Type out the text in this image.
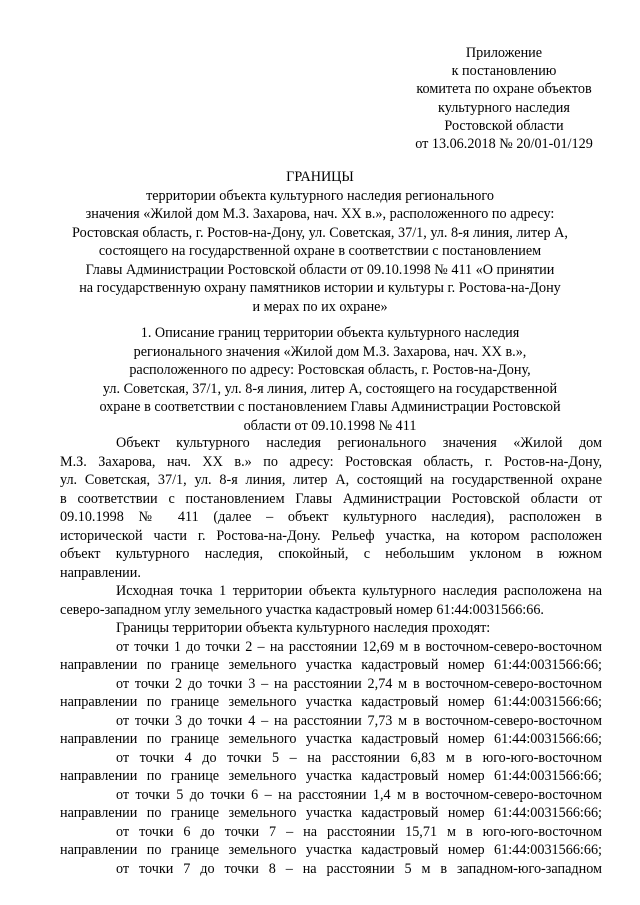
Приложение
к постановлению
комитета по охране объектов
культурного наследия
Ростовской области
от 13.06.2018 № 20/01-01/129
ГРАНИЦЫ
территории объекта культурного наследия регионального
значения «Жилой дом М.З. Захарова, нач. XX в.», расположенного по адресу:
Ростовская область, г. Ростов-на-Дону, ул. Советская, 37/1, ул. 8-я линия, литер А,
состоящего на государственной охране в соответствии с постановлением
Главы Администрации Ростовской области от 09.10.1998 № 411 «О принятии
на государственную охрану памятников истории и культуры г. Ростова-на-Дону
и мерах по их охране»
1. Описание границ территории объекта культурного наследия
регионального значения «Жилой дом М.З. Захарова, нач. XX в.»,
расположенного по адресу: Ростовская область, г. Ростов-на-Дону,
ул. Советская, 37/1, ул. 8-я линия, литер А, состоящего на государственной
охране в соответствии с постановлением Главы Администрации Ростовской
области от 09.10.1998 № 411
Объект культурного наследия регионального значения «Жилой дом
М.З. Захарова, нач. XX в.» по адресу: Ростовская область, г. Ростов-на-Дону,
ул. Советская, 37/1, ул. 8-я линия, литер А, состоящий на государственной охране
в соответствии с постановлением Главы Администрации Ростовской области от
09.10.1998 № 411 (далее – объект культурного наследия), расположен в
исторической части г. Ростова-на-Дону. Рельеф участка, на котором расположен
объект культурного наследия, спокойный, с небольшим уклоном в южном
направлении.
Исходная точка 1 территории объекта культурного наследия расположена на
северо-западном углу земельного участка кадастровый номер 61:44:0031566:66.
Границы территории объекта культурного наследия проходят:
от точки 1 до точки 2 – на расстоянии 12,69 м в восточном-северо-восточном
направлении по границе земельного участка кадастровый номер 61:44:0031566:66;
от точки 2 до точки 3 – на расстоянии 2,74 м в восточном-северо-восточном
направлении по границе земельного участка кадастровый номер 61:44:0031566:66;
от точки 3 до точки 4 – на расстоянии 7,73 м в восточном-северо-восточном
направлении по границе земельного участка кадастровый номер 61:44:0031566:66;
от точки 4 до точки 5 – на расстоянии 6,83 м в юго-юго-восточном
направлении по границе земельного участка кадастровый номер 61:44:0031566:66;
от точки 5 до точки 6 – на расстоянии 1,4 м в восточном-северо-восточном
направлении по границе земельного участка кадастровый номер 61:44:0031566:66;
от точки 6 до точки 7 – на расстоянии 15,71 м в юго-юго-восточном
направлении по границе земельного участка кадастровый номер 61:44:0031566:66;
от точки 7 до точки 8 – на расстоянии 5 м в западном-юго-западном
